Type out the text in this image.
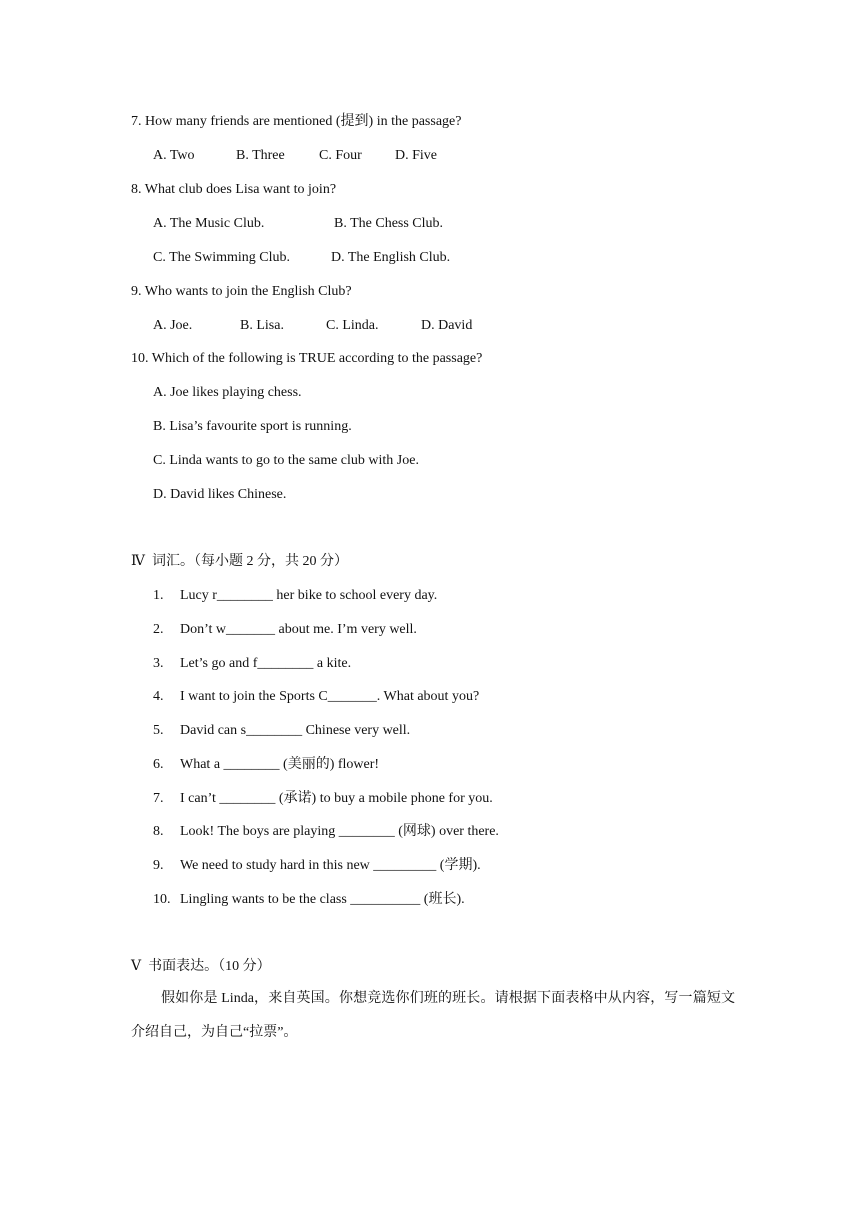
7. How many friends are mentioned (提到) in the passage?

A. Two

	B. Three

C. Four

D. Five

8. What club does Lisa want to join?

A. The Music Club.

	B. The Chess Club.

C. The Swimming Club.

	D. The English Club.

9. Who wants to join the English Club?

A. Joe.

	B. Lisa.

	C. Linda.

	D. David

10. Which of the following is TRUE according to the passage?
A. Joe likes playing chess.
B. Lisa’s favourite sport is running.
C. Linda wants to go to the same club with Joe.
D. David likes Chinese.
Ⅳ  词汇。（每小题 2 分，共 20 分）

1.

Lucy r________ her bike to school every day.

2.

Don’t w_______ about me. I’m very well.

3.

Let’s go and f________ a kite.

4.

I want to join the Sports C_______. What about you?

5.

David can s________ Chinese very well.

6.

What a ________ (美丽的) flower!

7.

I can’t ________ (承诺) to buy a mobile phone for you.

8.

Look! The boys are playing ________ (网球) over there.

9.

We need to study hard in this new _________ (学期).

10.

Lingling wants to be the class __________ (班长).

Ⅴ  书面表达。（10 分）
假如你是 Linda，来自英国。你想竞选你们班的班长。请根据下面表格中从内容，写一篇短文介绍自己，为自己“拉票”。
